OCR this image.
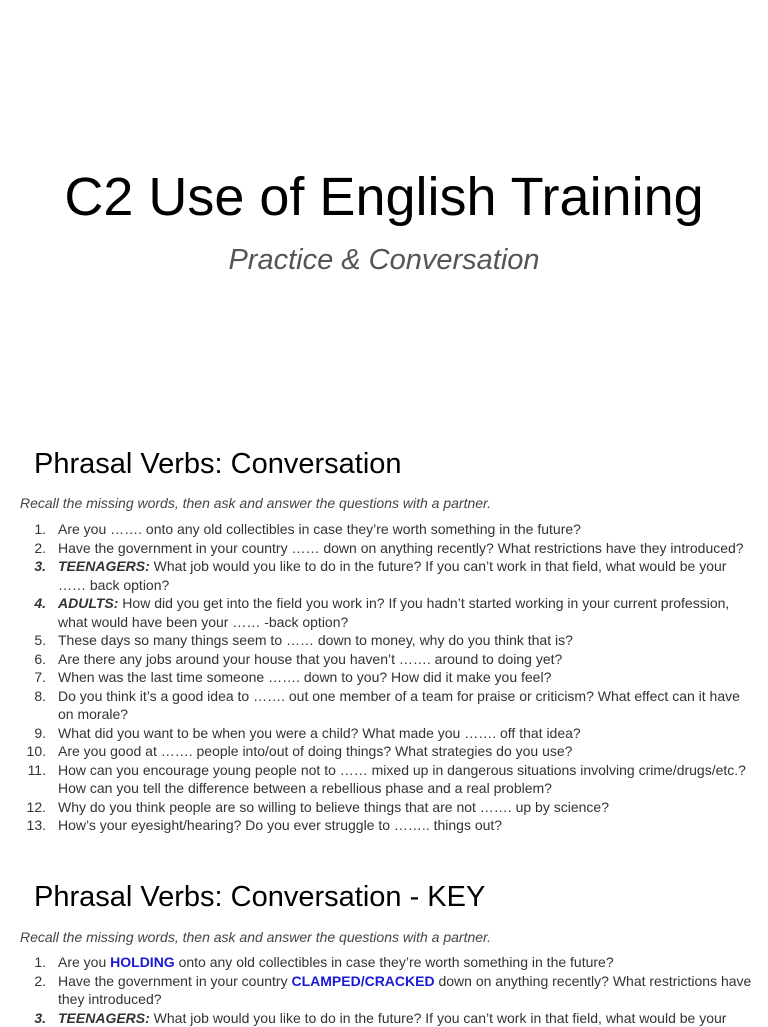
C2 Use of English Training

Practice & Conversation

Phrasal Verbs: Conversation

Recall the missing words, then ask and answer the questions with a partner.

1. Are you ……. onto any old collectibles in case they’re worth something in the future?
2. Have the government in your country …… down on anything recently? What restrictions have they introduced?
3. TEENAGERS: What job would you like to do in the future? If you can’t work in that field, what would be your …… back option?
4. ADULTS: How did you get into the field you work in? If you hadn’t started working in your current profession, what would have been your …… -back option?
5. These days so many things seem to …… down to money, why do you think that is?
6. Are there any jobs around your house that you haven’t ……. around to doing yet?
7. When was the last time someone ……. down to you? How did it make you feel?
8. Do you think it’s a good idea to ……. out one member of a team for praise or criticism? What effect can it have on morale?
9. What did you want to be when you were a child? What made you ……. off that idea?
10. Are you good at ……. people into/out of doing things? What strategies do you use?
11. How can you encourage young people not to …… mixed up in dangerous situations involving crime/drugs/etc.? How can you tell the difference between a rebellious phase and a real problem?
12. Why do you think people are so willing to believe things that are not ……. up by science?
13. How’s your eyesight/hearing? Do you ever struggle to …….. things out?
Phrasal Verbs: Conversation - KEY

Recall the missing words, then ask and answer the questions with a partner.

1. Are you HOLDING onto any old collectibles in case they’re worth something in the future?
2. Have the government in your country CLAMPED/CRACKED down on anything recently? What restrictions have they introduced?
3. TEENAGERS: What job would you like to do in the future? If you can’t work in that field, what would be your
